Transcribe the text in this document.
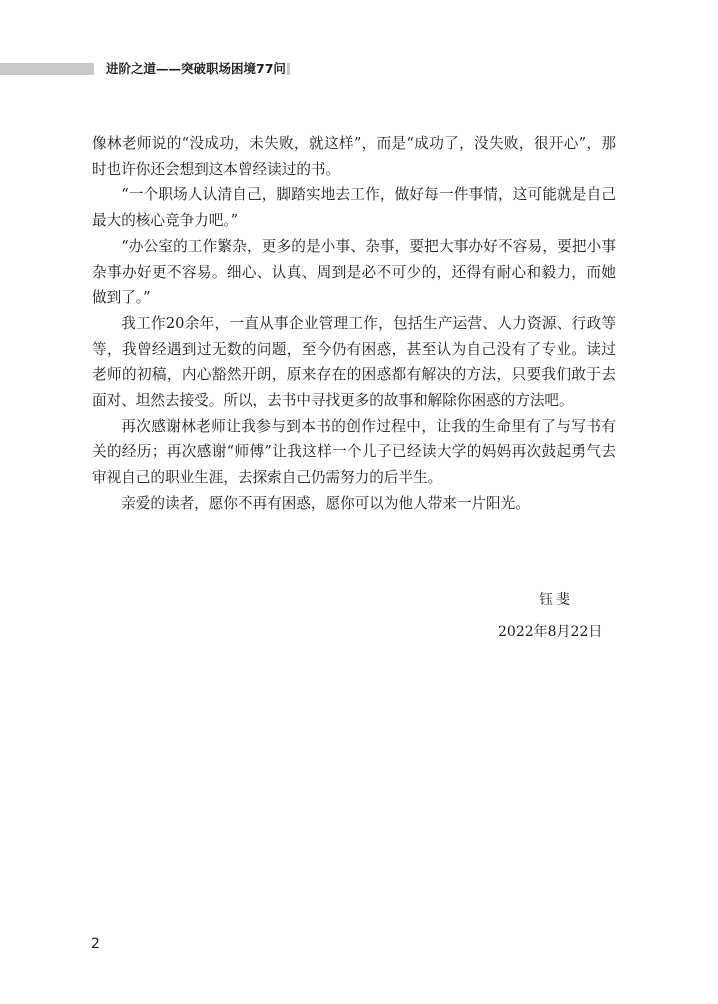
进阶之道——突破职场困境77问

像林老师说的“没成功，未失败，就这样”，而是“成功了，没失败，很开心”，那时也许你还会想到这本曾经读过的书。

“一个职场人认清自己，脚踏实地去工作，做好每一件事情，这可能就是自己最大的核心竞争力吧。”

“办公室的工作繁杂，更多的是小事、杂事，要把大事办好不容易，要把小事杂事办好更不容易。细心、认真、周到是必不可少的，还得有耐心和毅力，而她做到了。”

我工作20余年，一直从事企业管理工作，包括生产运营、人力资源、行政等等，我曾经遇到过无数的问题，至今仍有困惑，甚至认为自己没有了专业。读过老师的初稿，内心豁然开朗，原来存在的困惑都有解决的方法，只要我们敢于去面对、坦然去接受。所以，去书中寻找更多的故事和解除你困惑的方法吧。

再次感谢林老师让我参与到本书的创作过程中，让我的生命里有了与写书有关的经历；再次感谢“师傅”让我这样一个儿子已经读大学的妈妈再次鼓起勇气去审视自己的职业生涯，去探索自己仍需努力的后半生。

亲爱的读者，愿你不再有困惑，愿你可以为他人带来一片阳光。

钰斐
2022年8月22日
2
